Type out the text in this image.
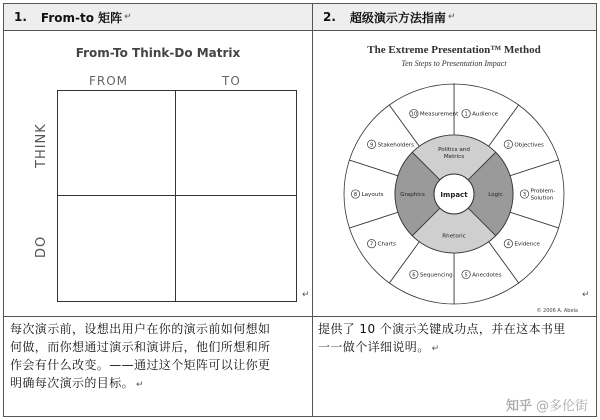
1. From-to 矩阵 ↵	2. 超级演示方法指南 ↵
From-To Think-Do Matrix
FROM	TO
THINK
DO
↵
The Extreme Presentation™ Method
Ten Steps to Presentation Impact
Impact
1 Audience
2 Objectives
3
Problem-
Solution
4 Evidence
5 Anecdotes
6 Sequencing
7 Charts
8 Layouts
9 Stakeholders
10 Measurement
Politics and
Metrics
Logic
Rhetoric
Graphics
© 2006 A. Abela
↵
每次演示前，设想出用户在你的演示前如何想如
何做，而你想通过演示和演讲后，他们所想和所
作会有什么改变。——通过这个矩阵可以让你更
明确每次演示的目标。 ↵
提供了 10 个演示关键成功点，并在这本书里
一一做个详细说明。 ↵
知乎 @多伦街
